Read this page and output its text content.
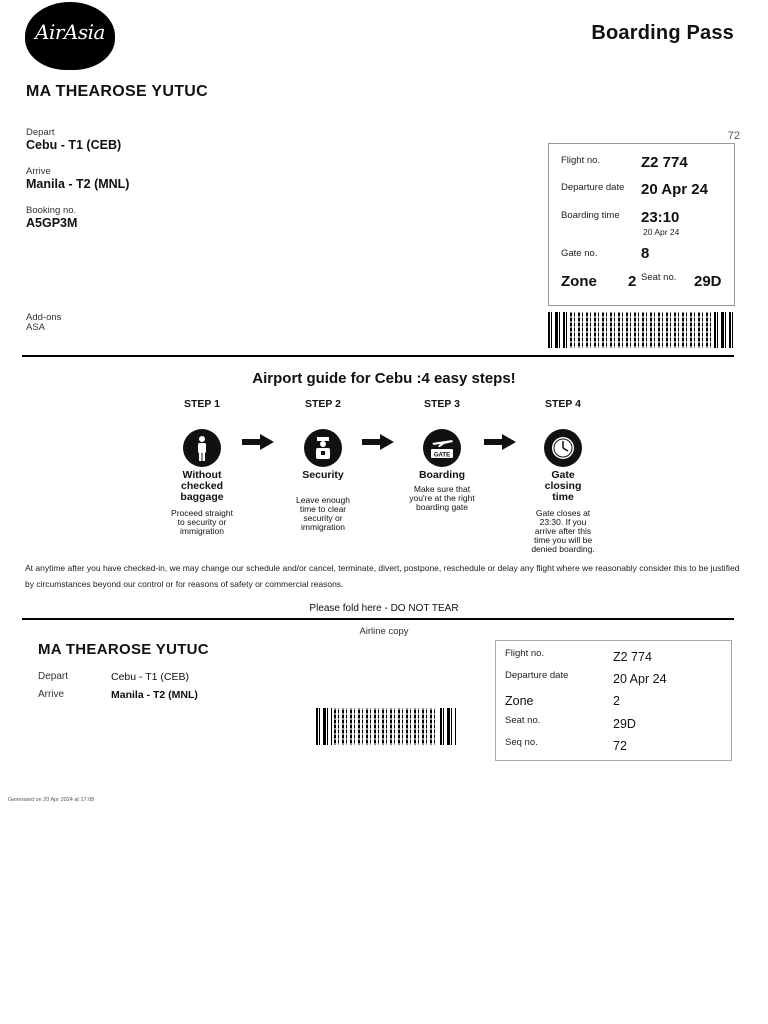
AirAsia	Boarding Pass
MA THEAROSE YUTUC
Depart
Cebu - T1 (CEB)
Arrive
Manila - T2 (MNL)
Booking no.
A5GP3M
Add-ons
ASA
72
Flight no.	Z2 774
Departure date 20 Apr 24
Boarding time 23:10
20 Apr 24
Gate no.	8
Zone 2 Seat no. 29D
Airport guide for Cebu :4 easy steps!
STEP 1
Without
checked
baggage
Proceed straight
to security or
immigration
STEP 2
Security
Leave enough
time to clear
security or
immigration
STEP 3
GATE
Boarding
Make sure that
you're at the right
boarding gate
STEP 4
Gate
closing
time
Gate closes at
23:30. If you
arrive after this
time you will be
denied boarding.
At anytime after you have checked-in, we may change our schedule and/or cancel, terminate, divert, postpone, reschedule or delay any flight where we reasonably consider this to be justified by circumstances beyond our control or for reasons of safety or commercial reasons.
Please fold here - DO NOT TEAR
Airline copy
MA THEAROSE YUTUC
Depart	Cebu - T1 (CEB)
Arrive	Manila - T2 (MNL)
Flight no.	Z2 774
Departure date	20 Apr 24
Zone	2
Seat no.	29D
Seq no.	72
Generated on 20 Apr 2024 at 17:08
